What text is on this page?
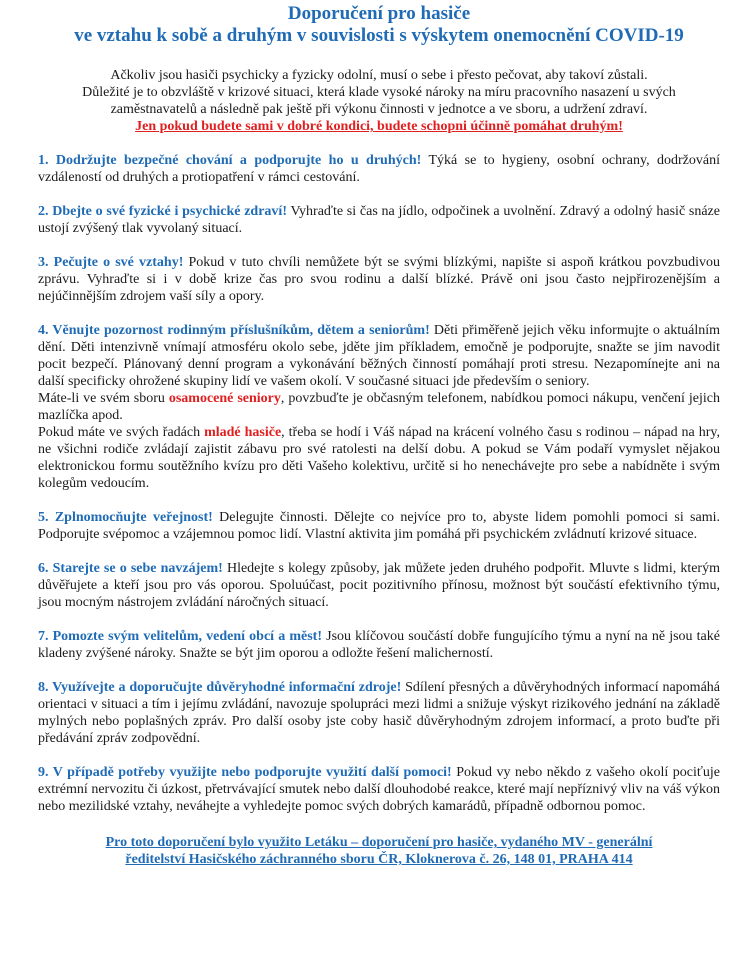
Doporučení pro hasiče
ve vztahu k sobě a druhým v souvislosti s výskytem onemocnění COVID-19
Ačkoliv jsou hasiči psychicky a fyzicky odolní, musí o sebe i přesto pečovat, aby takoví zůstali.
Důležité je to obzvláště v krizové situaci, která klade vysoké nároky na míru pracovního nasazení u svých zaměstnavatelů a následně pak ještě při výkonu činnosti v jednotce a ve sboru, a udržení zdraví.
Jen pokud budete sami v dobré kondici, budete schopni účinně pomáhat druhým!
1. Dodržujte bezpečné chování a podporujte ho u druhých! Týká se to hygieny, osobní ochrany, dodržování vzdáleností od druhých a protiopatření v rámci cestování.
2. Dbejte o své fyzické i psychické zdraví! Vyhraďte si čas na jídlo, odpočinek a uvolnění. Zdravý a odolný hasič snáze ustojí zvýšený tlak vyvolaný situací.
3. Pečujte o své vztahy! Pokud v tuto chvíli nemůžete být se svými blízkými, napište si aspoň krátkou povzbudivou zprávu. Vyhraďte si i v době krize čas pro svou rodinu a další blízké. Právě oni jsou často nejpřirozenějším a nejúčinnějším zdrojem vaší síly a opory.
4. Věnujte pozornost rodinným příslušníkům, dětem a seniorům! Děti přiměřeně jejich věku informujte o aktuálním dění. Děti intenzivně vnímají atmosféru okolo sebe, jděte jim příkladem, emočně je podporujte, snažte se jim navodit pocit bezpečí. Plánovaný denní program a vykonávání běžných činností pomáhají proti stresu. Nezapomínejte ani na další specificky ohrožené skupiny lidí ve vašem okolí. V současné situaci jde především o seniory.
Máte-li ve svém sboru osamocené seniory, povzbuďte je občasným telefonem, nabídkou pomoci nákupu, venčení jejich mazlíčka apod.
Pokud máte ve svých řadách mladé hasiče, třeba se hodí i Váš nápad na krácení volného času s rodinou – nápad na hry, ne všichni rodiče zvládají zajistit zábavu pro své ratolesti na delší dobu. A pokud se Vám podaří vymyslet nějakou elektronickou formu soutěžního kvízu pro děti Vašeho kolektivu, určitě si ho nenechávejte pro sebe a nabídněte i svým kolegům vedoucím.
5. Zplnomocňujte veřejnost! Delegujte činnosti. Dělejte co nejvíce pro to, abyste lidem pomohli pomoci si sami. Podporujte svépomoc a vzájemnou pomoc lidí. Vlastní aktivita jim pomáhá při psychickém zvládnutí krizové situace.
6. Starejte se o sebe navzájem! Hledejte s kolegy způsoby, jak můžete jeden druhého podpořit. Mluvte s lidmi, kterým důvěřujete a kteří jsou pro vás oporou. Spoluúčast, pocit pozitivního přínosu, možnost být součástí efektivního týmu, jsou mocným nástrojem zvládání náročných situací.
7. Pomozte svým velitelům, vedení obcí a měst! Jsou klíčovou součástí dobře fungujícího týmu a nyní na ně jsou také kladeny zvýšené nároky. Snažte se být jim oporou a odložte řešení malicherností.
8. Využívejte a doporučujte důvěryhodné informační zdroje! Sdílení přesných a důvěryhodných informací napomáhá orientaci v situaci a tím i jejímu zvládání, navozuje spolupráci mezi lidmi a snižuje výskyt rizikového jednání na základě mylných nebo poplašných zpráv. Pro další osoby jste coby hasič důvěryhodným zdrojem informací, a proto buďte při předávání zpráv zodpovědní.
9. V případě potřeby využijte nebo podporujte využití další pomoci! Pokud vy nebo někdo z vašeho okolí pociťuje extrémní nervozitu či úzkost, přetrvávající smutek nebo další dlouhodobé reakce, které mají nepříznivý vliv na váš výkon nebo mezilidské vztahy, neváhejte a vyhledejte pomoc svých dobrých kamarádů, případně odbornou pomoc.
Pro toto doporučení bylo využito Letáku – doporučení pro hasiče, vydaného MV - generální
ředitelství Hasičského záchranného sboru ČR, Kloknerova č. 26, 148 01, PRAHA 414
